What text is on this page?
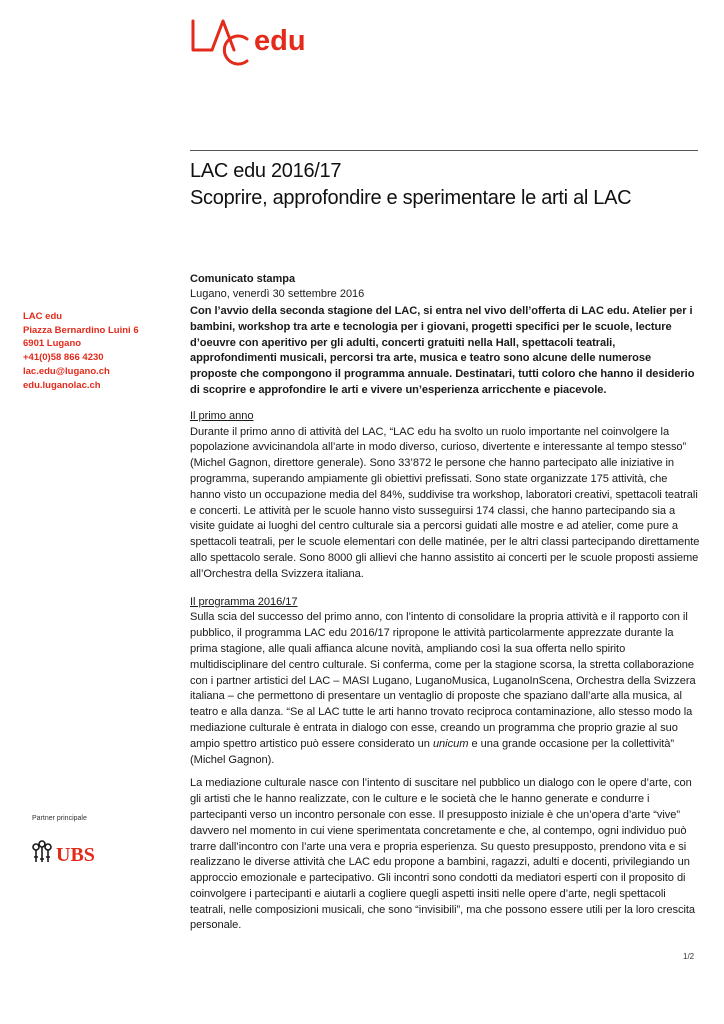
edu
LAC edu 2016/17
Scoprire, approfondire e sperimentare le arti al LAC
LAC edu
Piazza Bernardino Luini 6
6901 Lugano
+41(0)58 866 4230
lac.edu@lugano.ch
edu.luganolac.ch
Partner principale
UBS
Comunicato stampa
Lugano, venerdì 30 settembre 2016

Con l’avvio della seconda stagione del LAC, si entra nel vivo dell’offerta di LAC edu. Atelier per i bambini, workshop tra arte e tecnologia per i giovani, progetti specifici per le scuole, lecture d’oeuvre con aperitivo per gli adulti, concerti gratuiti nella Hall, spettacoli teatrali, approfondimenti musicali, percorsi tra arte, musica e teatro sono alcune delle numerose proposte che compongono il programma annuale. Destinatari, tutti coloro che hanno il desiderio di scoprire e approfondire le arti e vivere un’esperienza arricchente e piacevole.

Il primo anno

Durante il primo anno di attività del LAC, “LAC edu ha svolto un ruolo importante nel coinvolgere la popolazione avvicinandola all’arte in modo diverso, curioso, divertente e interessante al tempo stesso” (Michel Gagnon, direttore generale). Sono 33’872 le persone che hanno partecipato alle iniziative in programma, superando ampiamente gli obiettivi prefissati. Sono state organizzate 175 attività, che hanno visto un occupazione media del 84%, suddivise tra workshop, laboratori creativi, spettacoli teatrali e concerti. Le attività per le scuole hanno visto susseguirsi 174 classi, che hanno partecipando sia a visite guidate ai luoghi del centro culturale sia a percorsi guidati alle mostre e ad atelier, come pure a spettacoli teatrali, per le scuole elementari con delle matinée, per le altri classi partecipando direttamente allo spettacolo serale. Sono 8000 gli allievi che hanno assistito ai concerti per le scuole proposti assieme all’Orchestra della Svizzera italiana.

Il programma 2016/17

Sulla scia del successo del primo anno, con l’intento di consolidare la propria attività e il rapporto con il pubblico, il programma LAC edu 2016/17 ripropone le attività particolarmente apprezzate durante la prima stagione, alle quali affianca alcune novità, ampliando così la sua offerta nello spirito multidisciplinare del centro culturale. Si conferma, come per la stagione scorsa, la stretta collaborazione con i partner artistici del LAC – MASI Lugano, LuganoMusica, LuganoInScena, Orchestra della Svizzera italiana – che permettono di presentare un ventaglio di proposte che spaziano dall’arte alla musica, al teatro e alla danza. “Se al LAC tutte le arti hanno trovato reciproca contaminazione, allo stesso modo la mediazione culturale è entrata in dialogo con esse, creando un programma che proprio grazie al suo ampio spettro artistico può essere considerato un unicum e una grande occasione per la collettività” (Michel Gagnon).

La mediazione culturale nasce con l’intento di suscitare nel pubblico un dialogo con le opere d’arte, con gli artisti che le hanno realizzate, con le culture e le società che le hanno generate e condurre i partecipanti verso un incontro personale con esse. Il presupposto iniziale è che un’opera d’arte “vive” davvero nel momento in cui viene sperimentata concretamente e che, al contempo, ogni individuo può trarre dall’incontro con l’arte una vera e propria esperienza. Su questo presupposto, prendono vita e si realizzano le diverse attività che LAC edu propone a bambini, ragazzi, adulti e docenti, privilegiando un approccio emozionale e partecipativo. Gli incontri sono condotti da mediatori esperti con il proposito di coinvolgere i partecipanti e aiutarli a cogliere quegli aspetti insiti nelle opere d’arte, negli spettacoli teatrali, nelle composizioni musicali, che sono “invisibili”, ma che possono essere utili per la loro crescita personale.

1/2
